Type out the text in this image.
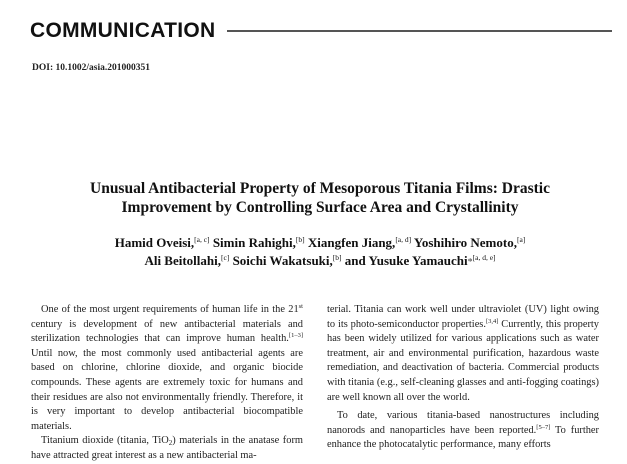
COMMUNICATION
DOI: 10.1002/asia.201000351
Unusual Antibacterial Property of Mesoporous Titania Films: Drastic
Improvement by Controlling Surface Area and Crystallinity
Hamid Oveisi,[a, c] Simin Rahighi,[b] Xiangfen Jiang,[a, d] Yoshihiro Nemoto,[a]
Ali Beitollahi,[c] Soichi Wakatsuki,[b] and Yusuke Yamauchi*[a, d, e]

One of the most urgent requirements of human life in the 21st century is development of new antibacterial materials and sterilization technologies that can improve human health.[1–3] Until now, the most commonly used antibacterial agents are based on chlorine, chlorine dioxide, and organic biocide compounds. These agents are extremely toxic for humans and their residues are also not environmentally friendly. Therefore, it is very important to develop antibacterial biocompatible materials.

Titanium dioxide (titania, TiO$_2$) materials in the anatase form have attracted great interest as a new antibacterial ma-

terial. Titania can work well under ultraviolet (UV) light owing to its photo-semiconductor properties.[3,4] Currently, this property has been widely utilized for various applications such as water treatment, air and environmental purification, hazardous waste remediation, and deactivation of bacteria. Commercial products with titania (e.g., self-cleaning glasses and anti-fogging coatings) are well known all over the world.

To date, various titania-based nanostructures including nanorods and nanoparticles have been reported.[5–7] To further enhance the photocatalytic performance, many efforts
